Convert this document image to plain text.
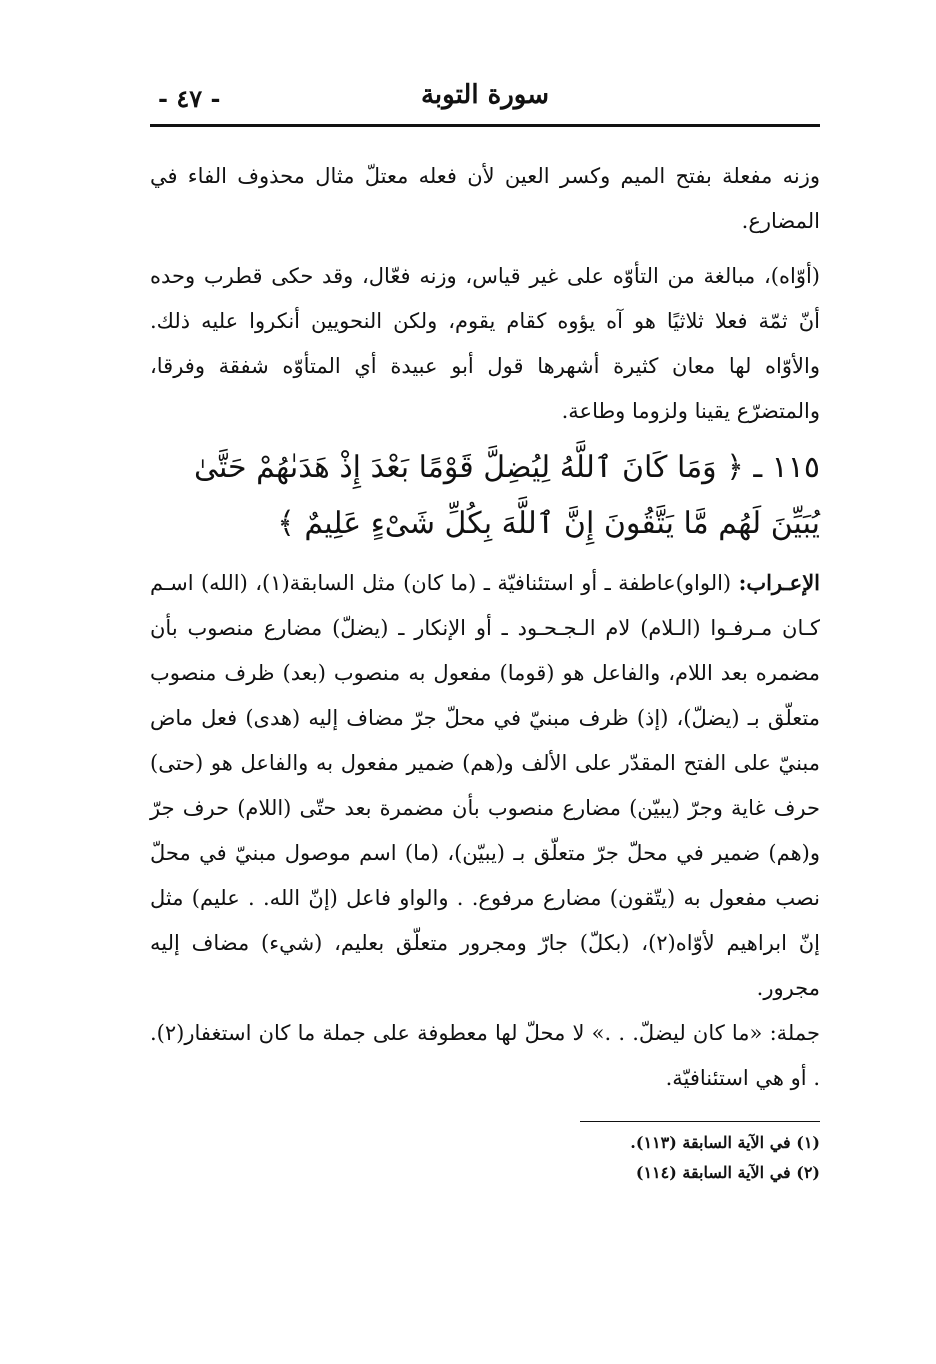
سورة التوبة
- ٤٧ -

وزنه مفعلة بفتح الميم وكسر العين لأن فعله معتلّ مثال محذوف الفاء في المضارع.

(أوّاه)، مبالغة من التأوّه على غير قياس، وزنه فعّال، وقد حكى قطرب وحده أنّ ثمّة فعلا ثلاثيًا هو آه يؤوه كقام يقوم، ولكن النحويين أنكروا عليه ذلك. والأوّاه لها معان كثيرة أشهرها قول أبو عبيدة أي المتأوّه شفقة وفرقا، والمتضرّع يقينا ولزوما وطاعة.

١١٥ ـ ﴿ وَمَا كَانَ ٱللَّهُ لِيُضِلَّ قَوْمًا بَعْدَ إِذْ هَدَىٰهُمْ حَتَّىٰ يُبَيِّنَ لَهُم مَّا يَتَّقُونَ إِنَّ ٱللَّهَ بِكُلِّ شَىْءٍ عَلِيمٌ ﴾

الإعـراب: (الواو)عاطفة ـ أو استئنافيّة ـ (ما كان) مثل السابقة(١)، (الله) اسـم كـان مـرفـوا (الـلام) لام الـجـحـود ـ أو الإنكار ـ (يضلّ) مضارع منصوب بأن مضمره بعد اللام، والفاعل هو (قوما) مفعول به منصوب (بعد) ظرف منصوب متعلّق بـ (يضلّ)، (إذ) ظرف مبنيّ في محلّ جرّ مضاف إليه (هدى) فعل ماض مبنيّ على الفتح المقدّر على الألف و(هم) ضمير مفعول به والفاعل هو (حتى) حرف غاية وجرّ (يبيّن) مضارع منصوب بأن مضمرة بعد حتّى (اللام) حرف جرّ و(هم) ضمير في محلّ جرّ متعلّق بـ (يبيّن)، (ما) اسم موصول مبنيّ في محلّ نصب مفعول به (يتّقون) مضارع مرفوع. . والواو فاعل (إنّ الله. . عليم) مثل إنّ ابراهيم لأوّاه(٢)، (بكلّ) جارّ ومجرور متعلّق بعليم، (شيء) مضاف إليه مجرور.

جملة: «ما كان ليضلّ. . .» لا محلّ لها معطوفة على جملة ما كان استغفار(٢). . أو هي استئنافيّة.

(١) في الآية السابقة (١١٣).
(٢) في الآية السابقة (١١٤)
